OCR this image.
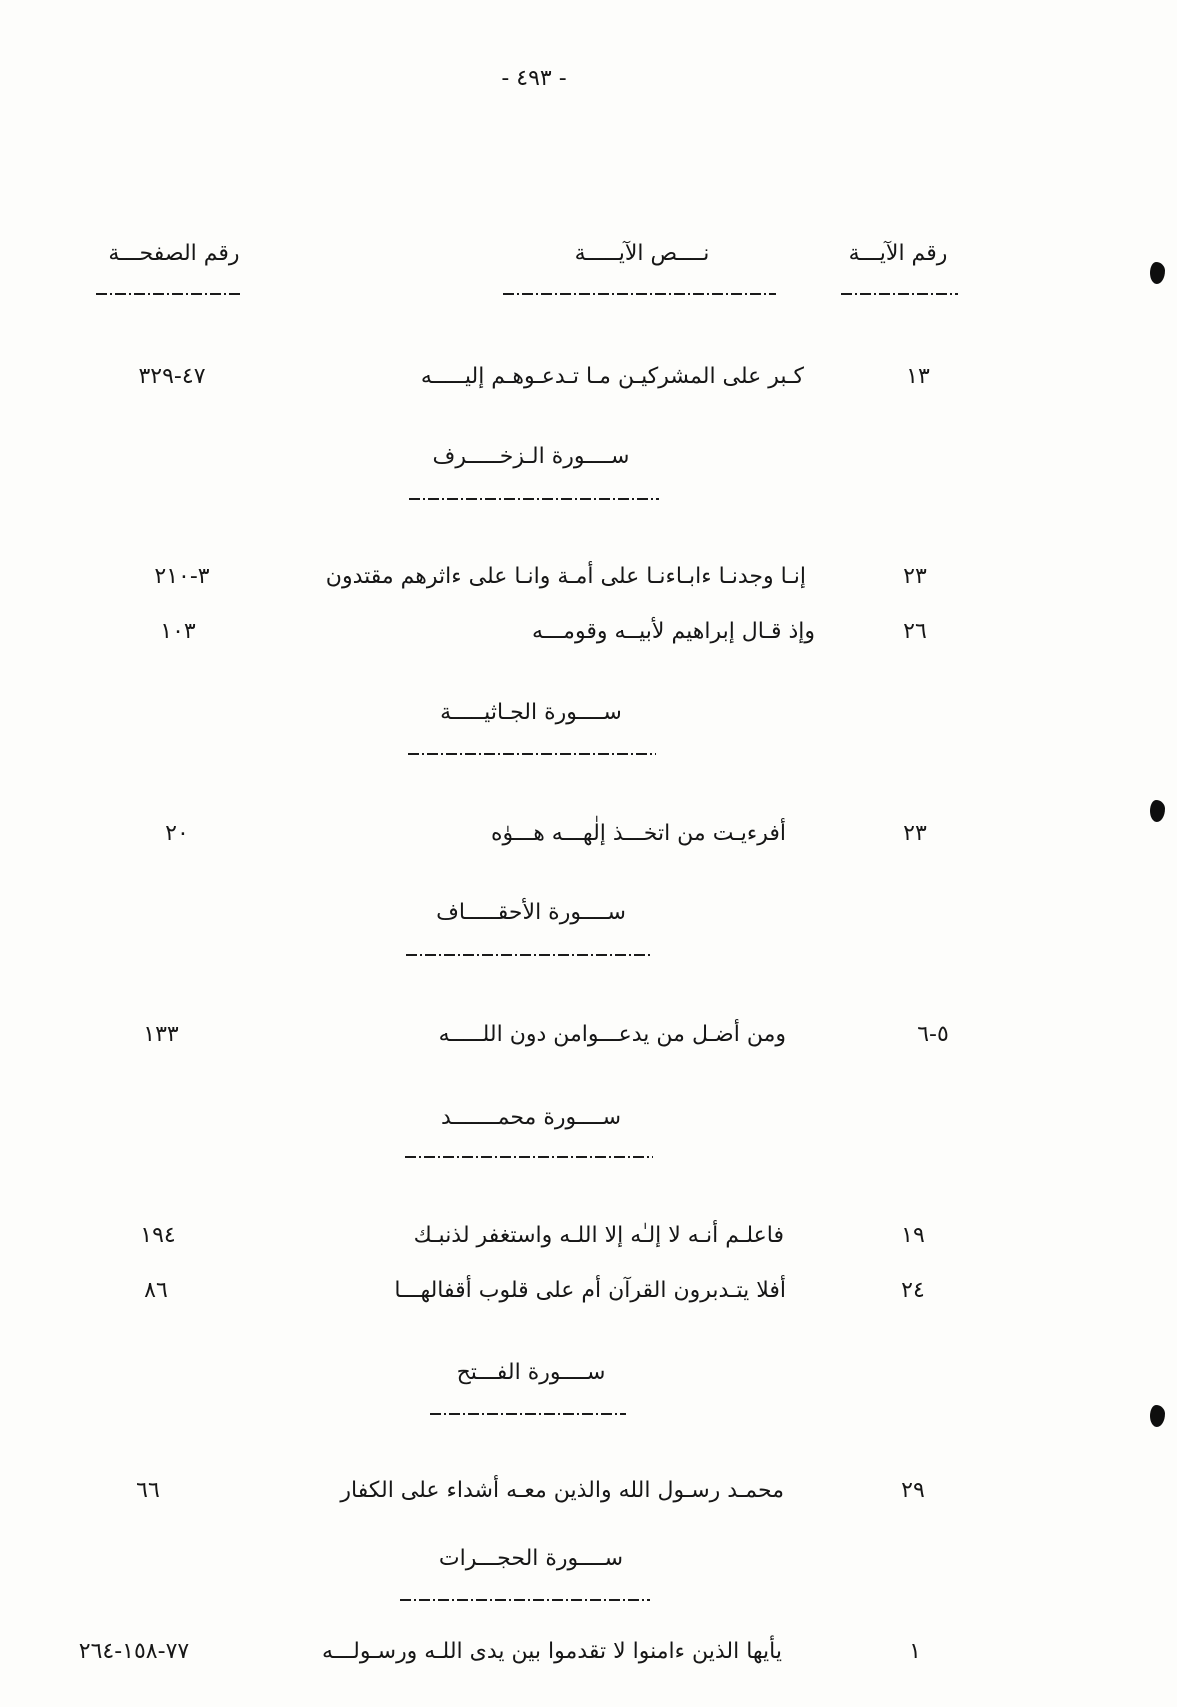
- ٤٩٣ -
رقم الآيـــة
نــــص الآيـــــة
رقم الصفحـــة
١٣
كـبر على المشركيـن مـا تـدعـوهـم إليـــــه
٤٧-٣٢٩
ســــورة الـزخـــــرف
٢٣
إنـا وجدنـا ءابـاءنـا على أمـة وانـا على ءاثرهم مقتدون
٣-٢١٠
٢٦
وإذ قـال إبراهيم لأبيــه وقومـــه
١٠٣
ســــورة الجـاثيـــــة
٢٣
أفرءيـت من اتخـــذ إلٰهـــه هـــوٰه
٢٠
ســــورة الأحقـــــاف
٥-٦
ومن أضـل من يدعـــوامن دون اللـــــه
١٣٣
ســــورة محمـــــــد
١٩
فاعلـم أنـه لا إلـٰه إلا اللـه واستغفر لذنبـك
١٩٤
٢٤
أفلا يتـدبرون القرآن أم على قلوب أقفالهـــا
٨٦
ســــورة الفـــتح
٢٩
محمـد رسـول الله والذين معـه أشداء على الكفار
٦٦
ســــورة الحجـــرات
١
يأيها الذين ءامنوا لا تقدموا بين يدى اللـه ورسـولـــه
٧٧-١٥٨-٢٦٤
